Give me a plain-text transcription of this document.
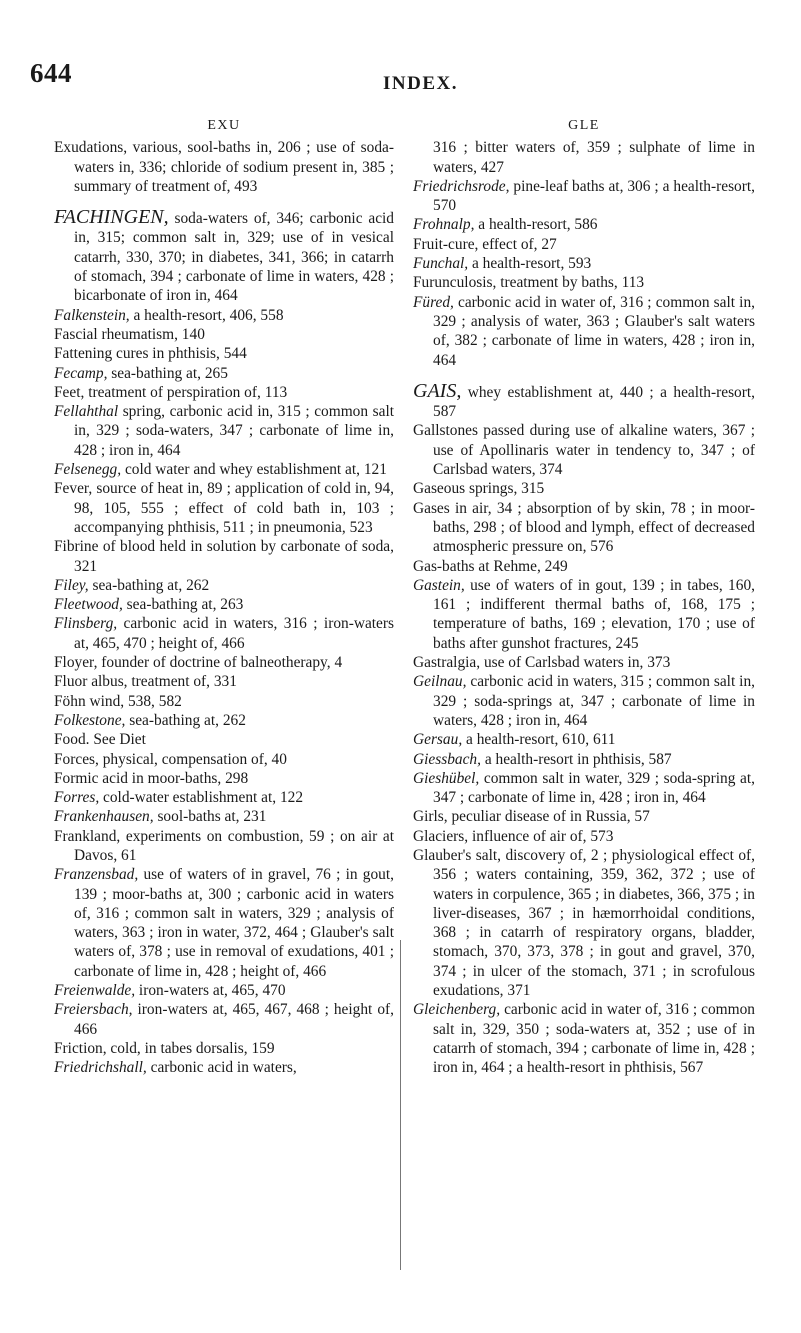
644	INDEX.
EXU

Exudations, various, sool-baths in, 206 ; use of soda-waters in, 336; chloride of sodium present in, 385 ; summary of treatment of, 493

FACHINGEN, soda-waters of, 346; carbonic acid in, 315; common salt in, 329; use of in vesical catarrh, 330, 370; in diabetes, 341, 366; in catarrh of stomach, 394 ; carbonate of lime in waters, 428 ; bicarbonate of iron in, 464

Falkenstein, a health-resort, 406, 558

Fascial rheumatism, 140

Fattening cures in phthisis, 544

Fecamp, sea-bathing at, 265

Feet, treatment of perspiration of, 113

Fellahthal spring, carbonic acid in, 315 ; common salt in, 329 ; soda-waters, 347 ; carbonate of lime in, 428 ; iron in, 464

Felsenegg, cold water and whey establishment at, 121

Fever, source of heat in, 89 ; application of cold in, 94, 98, 105, 555 ; effect of cold bath in, 103 ; accompanying phthisis, 511 ; in pneumonia, 523

Fibrine of blood held in solution by carbonate of soda, 321

Filey, sea-bathing at, 262

Fleetwood, sea-bathing at, 263

Flinsberg, carbonic acid in waters, 316 ; iron-waters at, 465, 470 ; height of, 466

Floyer, founder of doctrine of balneotherapy, 4

Fluor albus, treatment of, 331

Föhn wind, 538, 582

Folkestone, sea-bathing at, 262

Food. See Diet

Forces, physical, compensation of, 40

Formic acid in moor-baths, 298

Forres, cold-water establishment at, 122

Frankenhausen, sool-baths at, 231

Frankland, experiments on combustion, 59 ; on air at Davos, 61

Franzensbad, use of waters of in gravel, 76 ; in gout, 139 ; moor-baths at, 300 ; carbonic acid in waters of, 316 ; common salt in waters, 329 ; analysis of waters, 363 ; iron in water, 372, 464 ; Glauber's salt waters of, 378 ; use in removal of exudations, 401 ; carbonate of lime in, 428 ; height of, 466

Freienwalde, iron-waters at, 465, 470

Freiersbach, iron-waters at, 465, 467, 468 ; height of, 466

Friction, cold, in tabes dorsalis, 159

Friedrichshall, carbonic acid in waters,

GLE

316 ; bitter waters of, 359 ; sulphate of lime in waters, 427

Friedrichsrode, pine-leaf baths at, 306 ; a health-resort, 570

Frohnalp, a health-resort, 586

Fruit-cure, effect of, 27

Funchal, a health-resort, 593

Furunculosis, treatment by baths, 113

Füred, carbonic acid in water of, 316 ; common salt in, 329 ; analysis of water, 363 ; Glauber's salt waters of, 382 ; carbonate of lime in waters, 428 ; iron in, 464

GAIS, whey establishment at, 440 ; a health-resort, 587

Gallstones passed during use of alkaline waters, 367 ; use of Apollinaris water in tendency to, 347 ; of Carlsbad waters, 374

Gaseous springs, 315

Gases in air, 34 ; absorption of by skin, 78 ; in moor-baths, 298 ; of blood and lymph, effect of decreased atmospheric pressure on, 576

Gas-baths at Rehme, 249

Gastein, use of waters of in gout, 139 ; in tabes, 160, 161 ; indifferent thermal baths of, 168, 175 ; temperature of baths, 169 ; elevation, 170 ; use of baths after gunshot fractures, 245

Gastralgia, use of Carlsbad waters in, 373

Geilnau, carbonic acid in waters, 315 ; common salt in, 329 ; soda-springs at, 347 ; carbonate of lime in waters, 428 ; iron in, 464

Gersau, a health-resort, 610, 611

Giessbach, a health-resort in phthisis, 587

Gieshübel, common salt in water, 329 ; soda-spring at, 347 ; carbonate of lime in, 428 ; iron in, 464

Girls, peculiar disease of in Russia, 57

Glaciers, influence of air of, 573

Glauber's salt, discovery of, 2 ; physiological effect of, 356 ; waters containing, 359, 362, 372 ; use of waters in corpulence, 365 ; in diabetes, 366, 375 ; in liver-diseases, 367 ; in hæmorrhoidal conditions, 368 ; in catarrh of respiratory organs, bladder, stomach, 370, 373, 378 ; in gout and gravel, 370, 374 ; in ulcer of the stomach, 371 ; in scrofulous exudations, 371

Gleichenberg, carbonic acid in water of, 316 ; common salt in, 329, 350 ; soda-waters at, 352 ; use of in catarrh of stomach, 394 ; carbonate of lime in, 428 ; iron in, 464 ; a health-resort in phthisis, 567
